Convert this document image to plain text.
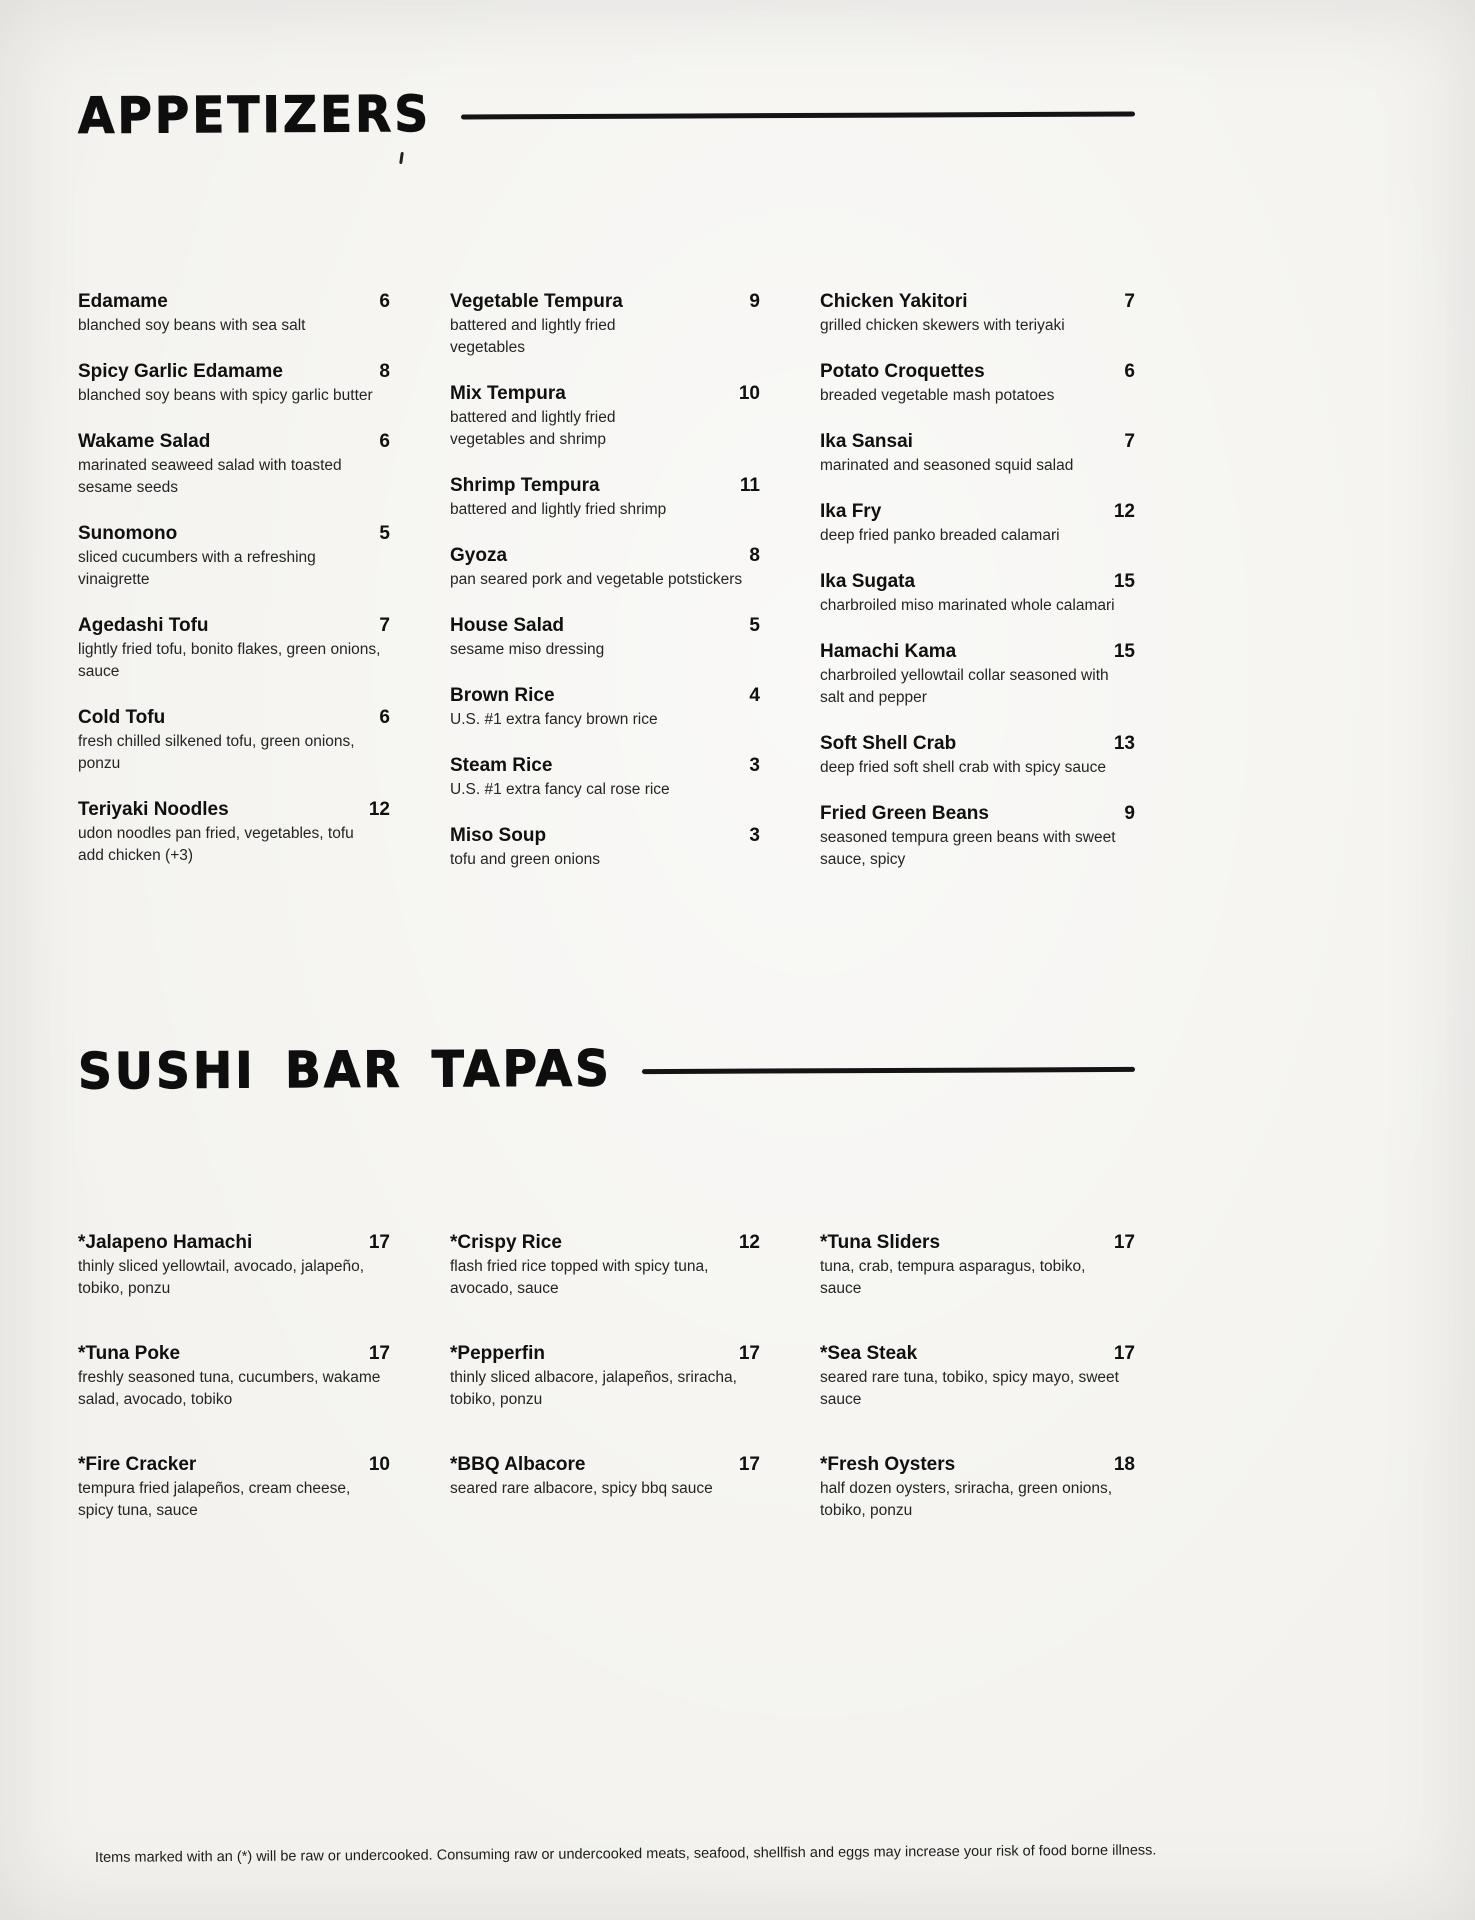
APPETIZERS
Edamame	6
blanched soy beans with sea salt
Spicy Garlic Edamame	8
blanched soy beans with spicy garlic butter
Wakame Salad	6
marinated seaweed salad with toasted
sesame seeds
Sunomono	5
sliced cucumbers with a refreshing
vinaigrette
Agedashi Tofu	7
lightly fried tofu, bonito flakes, green onions,
sauce
Cold Tofu	6
fresh chilled silkened tofu, green onions,
ponzu
Teriyaki Noodles	12
udon noodles pan fried, vegetables, tofu
add chicken (+3)
Vegetable Tempura	9
battered and lightly fried
vegetables
Mix Tempura	10
battered and lightly fried
vegetables and shrimp
Shrimp Tempura	11
battered and lightly fried shrimp
Gyoza	8
pan seared pork and vegetable potstickers
House Salad	5
sesame miso dressing
Brown Rice	4
U.S. #1 extra fancy brown rice
Steam Rice	3
U.S. #1 extra fancy cal rose rice
Miso Soup	3
tofu and green onions
Chicken Yakitori	7
grilled chicken skewers with teriyaki
Potato Croquettes	6
breaded vegetable mash potatoes
Ika Sansai	7
marinated and seasoned squid salad
Ika Fry	12
deep fried panko breaded calamari
Ika Sugata	15
charbroiled miso marinated whole calamari
Hamachi Kama	15
charbroiled yellowtail collar seasoned with
salt and pepper
Soft Shell Crab	13
deep fried soft shell crab with spicy sauce
Fried Green Beans	9
seasoned tempura green beans with sweet
sauce, spicy
SUSHI BAR TAPAS
*Jalapeno Hamachi	17
thinly sliced yellowtail, avocado, jalapeño,
tobiko, ponzu
*Tuna Poke	17
freshly seasoned tuna, cucumbers, wakame
salad, avocado, tobiko
*Fire Cracker	10
tempura fried jalapeños, cream cheese,
spicy tuna, sauce
*Crispy Rice	12
flash fried rice topped with spicy tuna,
avocado, sauce
*Pepperfin	17
thinly sliced albacore, jalapeños, sriracha,
tobiko, ponzu
*BBQ Albacore	17
seared rare albacore, spicy bbq sauce
*Tuna Sliders	17
tuna, crab, tempura asparagus, tobiko,
sauce
*Sea Steak	17
seared rare tuna, tobiko, spicy mayo, sweet
sauce
*Fresh Oysters	18
half dozen oysters, sriracha, green onions,
tobiko, ponzu
Items marked with an (*) will be raw or undercooked. Consuming raw or undercooked meats, seafood, shellfish and eggs may increase your risk of food borne illness.
